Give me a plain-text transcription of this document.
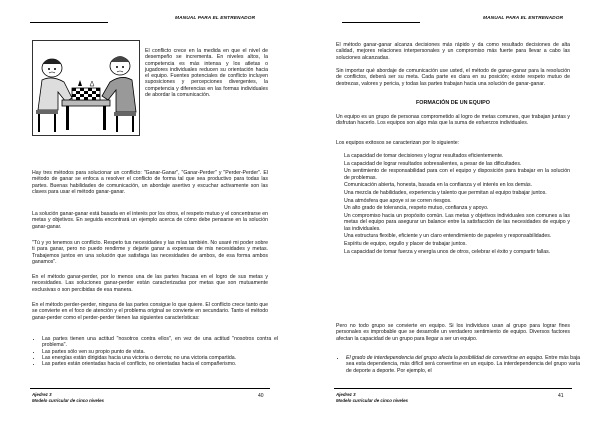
MANUAL PARA EL ENTRENADOR

El conflicto crece en la medida en que el nivel de desempeño se incrementa. En niveles altos, la competencia es más intensa y los atletas o jugadores individuales reducen su orientación hacia el equipo. Fuentes potenciales de conflicto incluyen suposiciones y percepciones divergentes, la competencia y diferencias en las formas individuales de abordar la comunicación.

Hay tres métodos para solucionar un conflicto: "Ganar-Ganar", "Ganar-Perder" y "Perder-Perder". El método de ganar se enfoca a resolver el conflicto de forma tal que sea productivo para todas las partes. Buenas habilidades de comunicación, un abordaje asertivo y escuchar activamente son las claves para usar el método ganar-ganar.

La solución ganar-ganar está basada en el interés por los otros, el respeto mutuo y el concentrarse en metas y objetivos. En seguida encontrará un ejemplo acerca de cómo debe pensarse en la solución ganar-ganar.

"Tú y yo tenemos un conflicto. Respeto tus necesidades y las mías también. No usaré mi poder sobre ti para ganar, pero no puedo rendirme y dejarte ganar a expensas de mis necesidades y metas. Trabajemos juntos en una solución que satisfaga las necesidades de ambos, de esa forma ambos ganamos".

En el método ganar-perder, por lo menos una de las partes fracasa en el logro de sus metas y necesidades. Las soluciones ganar-perder están caracterizadas por metas que son mutuamente exclusivas o son percibidas de esa manera.

En el método perder-perder, ninguna de las partes consigue lo que quiere. El conflicto crece tanto que se convierte en el foco de atención y el problema original se convierte en secundario. Tanto el método ganar-perder como el perder-perder tienen las siguientes características:

• Las partes tienen una actitud "nosotros contra ellos", en vez de una actitud "nosotros contra el problema".
• Las partes sólo ven su propio punto de vista.
• Las energías están dirigidas hacia una victoria o derrota; no una victoria compartida.
• Las partes están orientadas hacia el conflicto, no orientadas hacia el compañerismo.
Ajedrez 3
Modelo curricular de cinco niveles
40
MANUAL PARA EL ENTRENADOR

El método ganar-ganar alcanza decisiones más rápido y da como resultado decisiones de alta calidad, mejores relaciones interpersonales y un compromiso más fuerte para llevar a cabo las soluciones alcanzadas.

Sin importar qué abordaje de comunicación use usted, el método de ganar-ganar para la resolución de conflictos, deberá ser su meta. Cada parte es clara en su posición; existe respeto mutuo de destrezas, valores y pericia, y todas las partes trabajan hacia una solución de ganar-ganar.

FORMACIÓN DE UN EQUIPO

Un equipo es un grupo de personas comprometido al logro de metas comunes, que trabajan juntas y disfrutan hacerlo. Los equipos son algo más que la suma de esfuerzos individuales.

Los equipos exitosos se caracterizan por lo siguiente:

La capacidad de tomar decisiones y lograr resultados eficientemente.

La capacidad de lograr resultados sobresalientes, a pesar de las dificultades.

Un sentimiento de responsabilidad para con el equipo y disposición para trabajar en la solución de problemas.

Comunicación abierta, honesta, basada en la confianza y el interés en los demás.

Una mezcla de habilidades, experiencia y talento que permitan al equipo trabajar juntos.

Una atmósfera que apoye si se corren riesgos.

Un alto grado de tolerancia, respeto mutuo, confianza y apoyo.

Un compromiso hacia un propósito común. Las metas y objetivos individuales son comunes a las metas del equipo para asegurar un balance entre la satisfacción de las necesidades de equipo y las individuales.

Una estructura flexible, eficiente y un claro entendimiento de papeles y responsabilidades.

Espíritu de equipo, orgullo y placer de trabajar juntos.

La capacidad de tomar fuerza y energía unos de otros, celebrar el éxito y compartir fallas.

Pero no todo grupo se convierte en equipo. Si los individuos usan al grupo para lograr fines personales es improbable que se desarrolle un verdadero sentimiento de equipo. Diversos factores afectan la capacidad de un grupo para llegar a ser un equipo.

• El grado de interdependencia del grupo afecta la posibilidad de convertirse en equipo. Entre más baja sea esta dependencia, más difícil será convertirse en un equipo. La interdependencia del grupo varía de deporte a deporte. Por ejemplo, el
Ajedrez 3
Modelo curricular de cinco niveles
41
